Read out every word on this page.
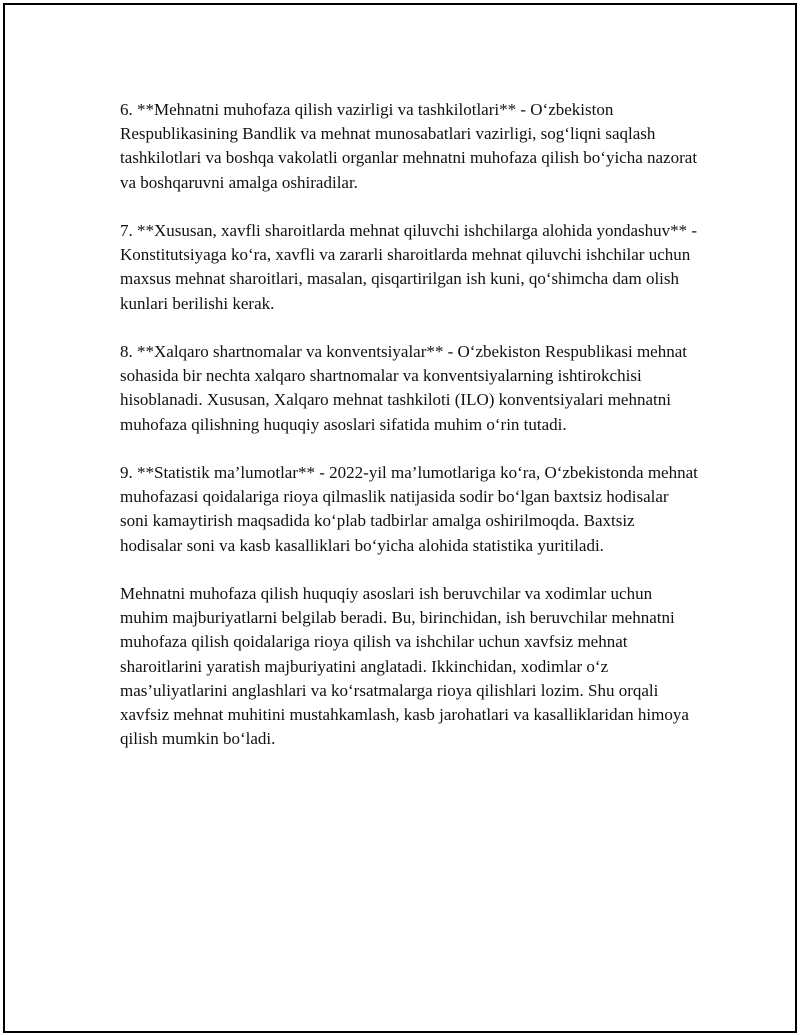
6. **Mehnatni muhofaza qilish vazirligi va tashkilotlari** - O‘zbekiston Respublikasining Bandlik va mehnat munosabatlari vazirligi, sog‘liqni saqlash tashkilotlari va boshqa vakolatli organlar mehnatni muhofaza qilish bo‘yicha nazorat va boshqaruvni amalga oshiradilar.

7. **Xususan, xavfli sharoitlarda mehnat qiluvchi ishchilarga alohida yondashuv** - Konstitutsiyaga ko‘ra, xavfli va zararli sharoitlarda mehnat qiluvchi ishchilar uchun maxsus mehnat sharoitlari, masalan, qisqartirilgan ish kuni, qo‘shimcha dam olish kunlari berilishi kerak.

8. **Xalqaro shartnomalar va konventsiyalar** - O‘zbekiston Respublikasi mehnat sohasida bir nechta xalqaro shartnomalar va konventsiyalarning ishtirokchisi hisoblanadi. Xususan, Xalqaro mehnat tashkiloti (ILO) konventsiyalari mehnatni muhofaza qilishning huquqiy asoslari sifatida muhim o‘rin tutadi.

9. **Statistik ma’lumotlar** - 2022-yil ma’lumotlariga ko‘ra, O‘zbekistonda mehnat muhofazasi qoidalariga rioya qilmaslik natijasida sodir bo‘lgan baxtsiz hodisalar soni kamaytirish maqsadida ko‘plab tadbirlar amalga oshirilmoqda. Baxtsiz hodisalar soni va kasb kasalliklari bo‘yicha alohida statistika yuritiladi.

Mehnatni muhofaza qilish huquqiy asoslari ish beruvchilar va xodimlar uchun muhim majburiyatlarni belgilab beradi. Bu, birinchidan, ish beruvchilar mehnatni muhofaza qilish qoidalariga rioya qilish va ishchilar uchun xavfsiz mehnat sharoitlarini yaratish majburiyatini anglatadi. Ikkinchidan, xodimlar o‘z mas’uliyatlarini anglashlari va ko‘rsatmalarga rioya qilishlari lozim. Shu orqali xavfsiz mehnat muhitini mustahkamlash, kasb jarohatlari va kasalliklaridan himoya qilish mumkin bo‘ladi.
